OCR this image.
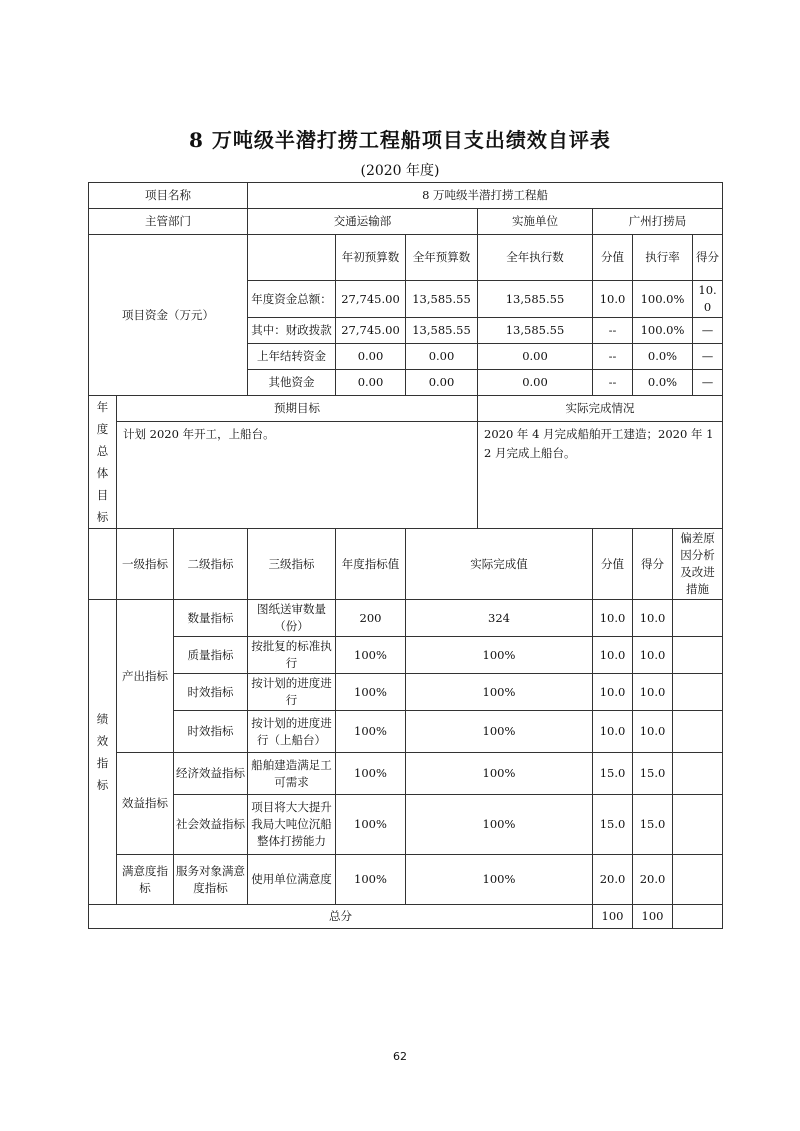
8 万吨级半潜打捞工程船项目支出绩效自评表
(2020 年度)
项目名称			8 万吨级半潜打捞工程船							
主管部门			交通运输部			实施单位	广州打捞局			
项目资金（万元）				年初预算数	全年预算数	全年执行数	分值	执行率		得分
			年度资金总额：	27,745.00	13,585.55	13,585.55	10.0	100.0%		10.0
			其中：财政拨款	27,745.00	13,585.55	13,585.55	--	100.0%		—
			上年结转资金	0.00	0.00	0.00	--	0.0%		—
			其他资金	0.00	0.00	0.00	--	0.0%		—
年度总体目标	预期目标					实际完成情况				
	计划 2020 年开工，上船台。					2020 年 4 月完成船舶开工建造；2020 年 12 月完成上船台。				
	一级指标	二级指标	三级指标	年度指标值	实际完成值		分值	得分	偏差原因分析及改进措施	
绩效指标	产出指标	数量指标	图纸送审数量（份）	200	324		10.0	10.0		
		质量指标	按批复的标准执行	100%	100%		10.0	10.0		
		时效指标	按计划的进度进行	100%	100%		10.0	10.0		
		时效指标	按计划的进度进行（上船台）	100%	100%		10.0	10.0		
	效益指标	经济效益指标	船舶建造满足工可需求	100%	100%		15.0	15.0		
		社会效益指标	项目将大大提升我局大吨位沉船整体打捞能力	100%	100%		15.0	15.0		
	满意度指标	服务对象满意度指标	使用单位满意度	100%	100%		20.0	20.0		
总分							100	100		
62
